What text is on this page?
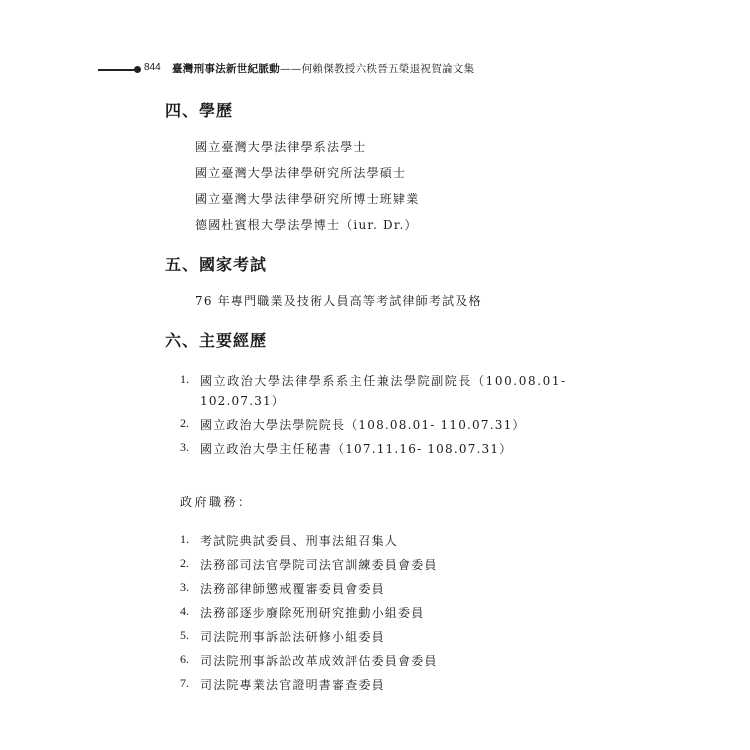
844 臺灣刑事法新世紀脈動——何賴傑教授六秩晉五榮退祝賀論文集
四、學歷
國立臺灣大學法律學系法學士
國立臺灣大學法律學研究所法學碩士
國立臺灣大學法律學研究所博士班肄業
德國杜賓根大學法學博士（iur. Dr.）
五、國家考試
76 年專門職業及技術人員高等考試律師考試及格
六、主要經歷
1. 國立政治大學法律學系系主任兼法學院副院長（100.08.01-
102.07.31）
2. 國立政治大學法學院院長（108.08.01- 110.07.31）
3. 國立政治大學主任秘書（107.11.16- 108.07.31）
政府職務：
1. 考試院典試委員、刑事法組召集人
2. 法務部司法官學院司法官訓練委員會委員
3. 法務部律師懲戒覆審委員會委員
4. 法務部逐步廢除死刑研究推動小組委員
5. 司法院刑事訴訟法研修小組委員
6. 司法院刑事訴訟改革成效評估委員會委員
7. 司法院專業法官證明書審查委員
